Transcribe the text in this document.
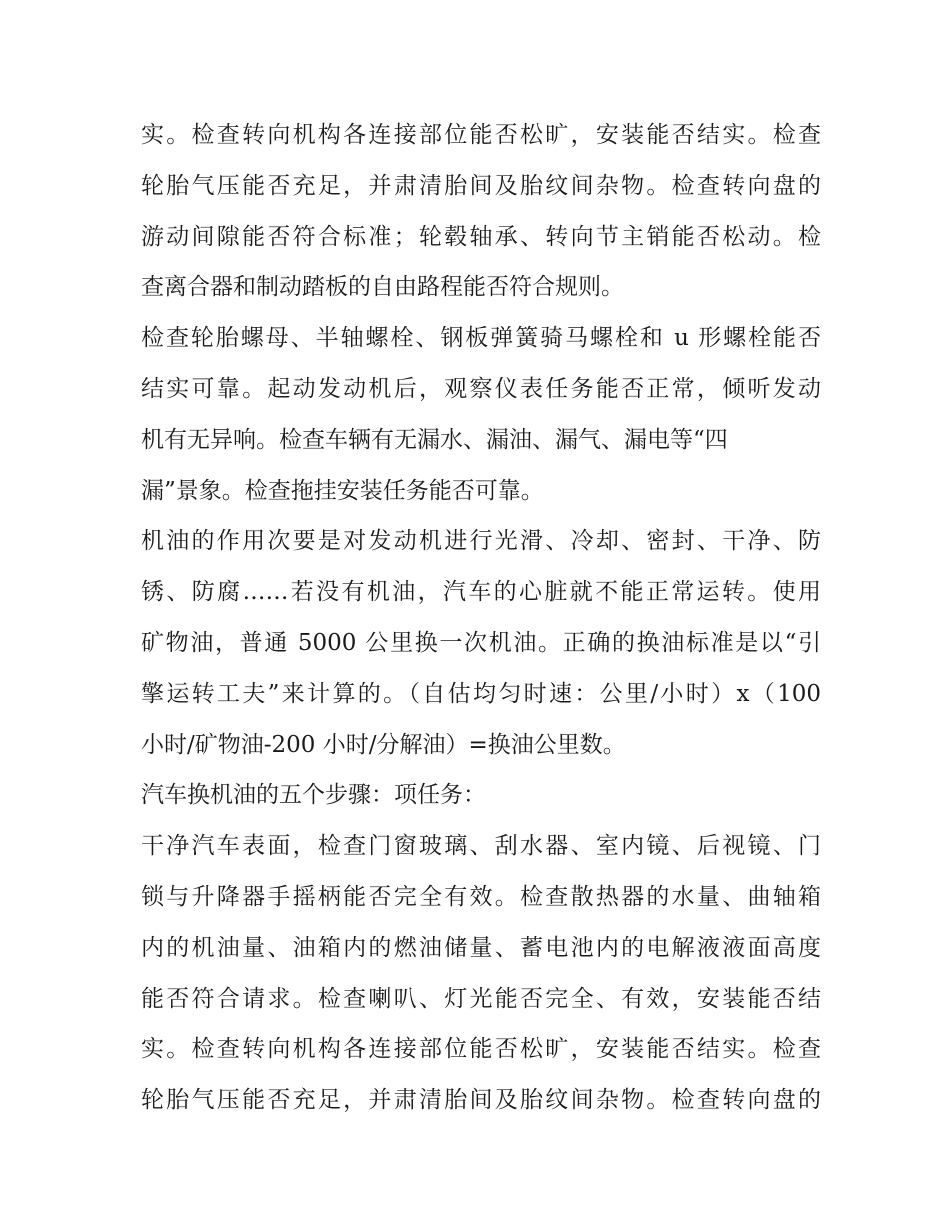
实。检查转向机构各连接部位能否松旷，安装能否结实。检查
轮胎气压能否充足，并肃清胎间及胎纹间杂物。检查转向盘的
游动间隙能否符合标准；轮毂轴承、转向节主销能否松动。检
查离合器和制动踏板的自由路程能否符合规则。
检查轮胎螺母、半轴螺栓、钢板弹簧骑马螺栓和 u 形螺栓能否
结实可靠。起动发动机后，观察仪表任务能否正常，倾听发动
机有无异响。检查车辆有无漏水、漏油、漏气、漏电等“四
漏”景象。检查拖挂安装任务能否可靠。
机油的作用次要是对发动机进行光滑、冷却、密封、干净、防
锈、防腐……若没有机油，汽车的心脏就不能正常运转。使用
矿物油，普通 5000 公里换一次机油。正确的换油标准是以“引
擎运转工夫”来计算的。（自估均匀时速：公里/小时）x（100
小时/矿物油-200 小时/分解油）=换油公里数。
汽车换机油的五个步骤：项任务：
干净汽车表面，检查门窗玻璃、刮水器、室内镜、后视镜、门
锁与升降器手摇柄能否完全有效。检查散热器的水量、曲轴箱
内的机油量、油箱内的燃油储量、蓄电池内的电解液液面高度
能否符合请求。检查喇叭、灯光能否完全、有效，安装能否结
实。检查转向机构各连接部位能否松旷，安装能否结实。检查
轮胎气压能否充足，并肃清胎间及胎纹间杂物。检查转向盘的
